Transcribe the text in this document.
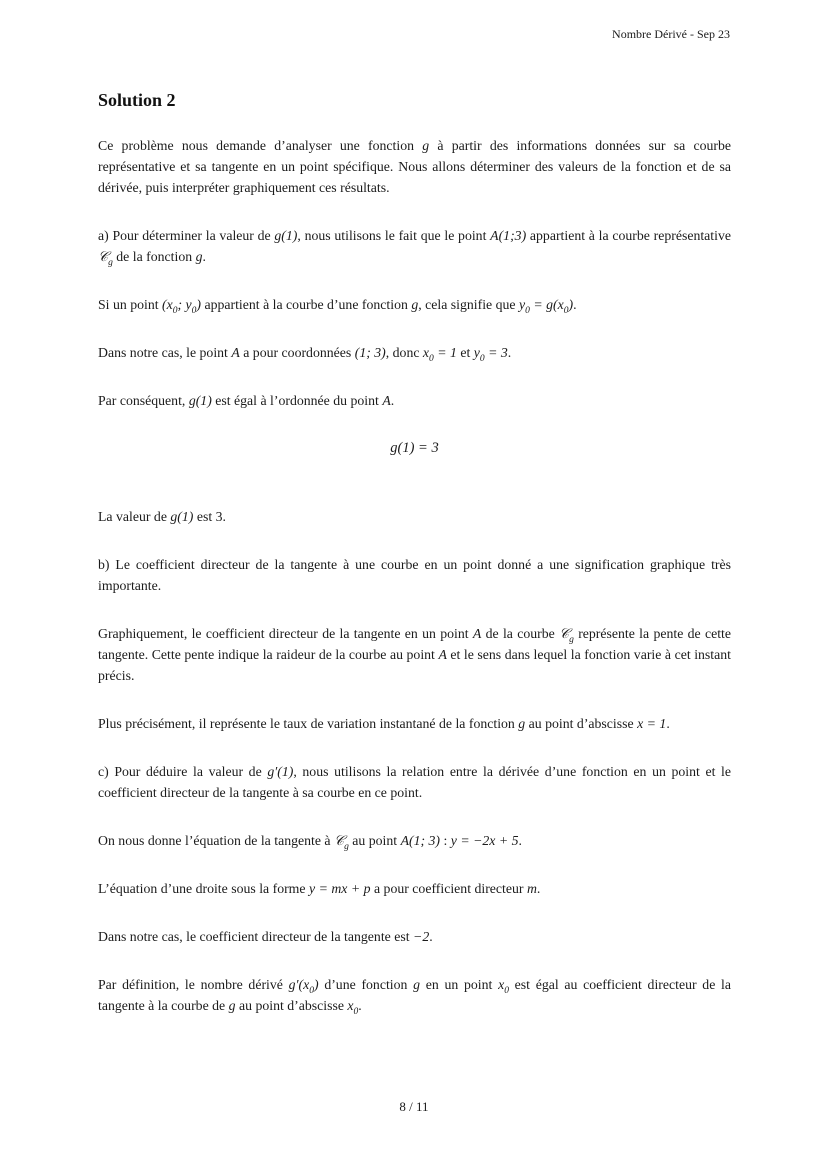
Nombre Dérivé - Sep 23
Solution 2
Ce problème nous demande d’analyser une fonction g à partir des informations données sur sa courbe représentative et sa tangente en un point spécifique. Nous allons déterminer des valeurs de la fonction et de sa dérivée, puis interpréter graphiquement ces résultats.
a) Pour déterminer la valeur de g(1), nous utilisons le fait que le point A(1;3) appartient à la courbe représentative 𝒞$_g$ de la fonction g.
Si un point ($x_0$; $y_0$) appartient à la courbe d’une fonction g, cela signifie que $y_0 = g(x_0)$.
Dans notre cas, le point A a pour coordonnées (1; 3), donc $x_0 = 1$ et $y_0 = 3$.
Par conséquent, g(1) est égal à l’ordonnée du point A.
g(1) = 3
La valeur de g(1) est 3.
b) Le coefficient directeur de la tangente à une courbe en un point donné a une signification graphique très importante.
Graphiquement, le coefficient directeur de la tangente en un point A de la courbe 𝒞$_g$ représente la pente de cette tangente. Cette pente indique la raideur de la courbe au point A et le sens dans lequel la fonction varie à cet instant précis.
Plus précisément, il représente le taux de variation instantané de la fonction g au point d’abscisse x = 1.
c) Pour déduire la valeur de g′(1), nous utilisons la relation entre la dérivée d’une fonction en un point et le coefficient directeur de la tangente à sa courbe en ce point.
On nous donne l’équation de la tangente à 𝒞$_g$ au point A(1; 3) : y = −2x + 5.
L’équation d’une droite sous la forme y = mx + p a pour coefficient directeur m.
Dans notre cas, le coefficient directeur de la tangente est −2.
Par définition, le nombre dérivé $g'(x_0)$ d’une fonction g en un point $x_0$ est égal au coefficient directeur de la tangente à la courbe de g au point d’abscisse $x_0$.
8 / 11
